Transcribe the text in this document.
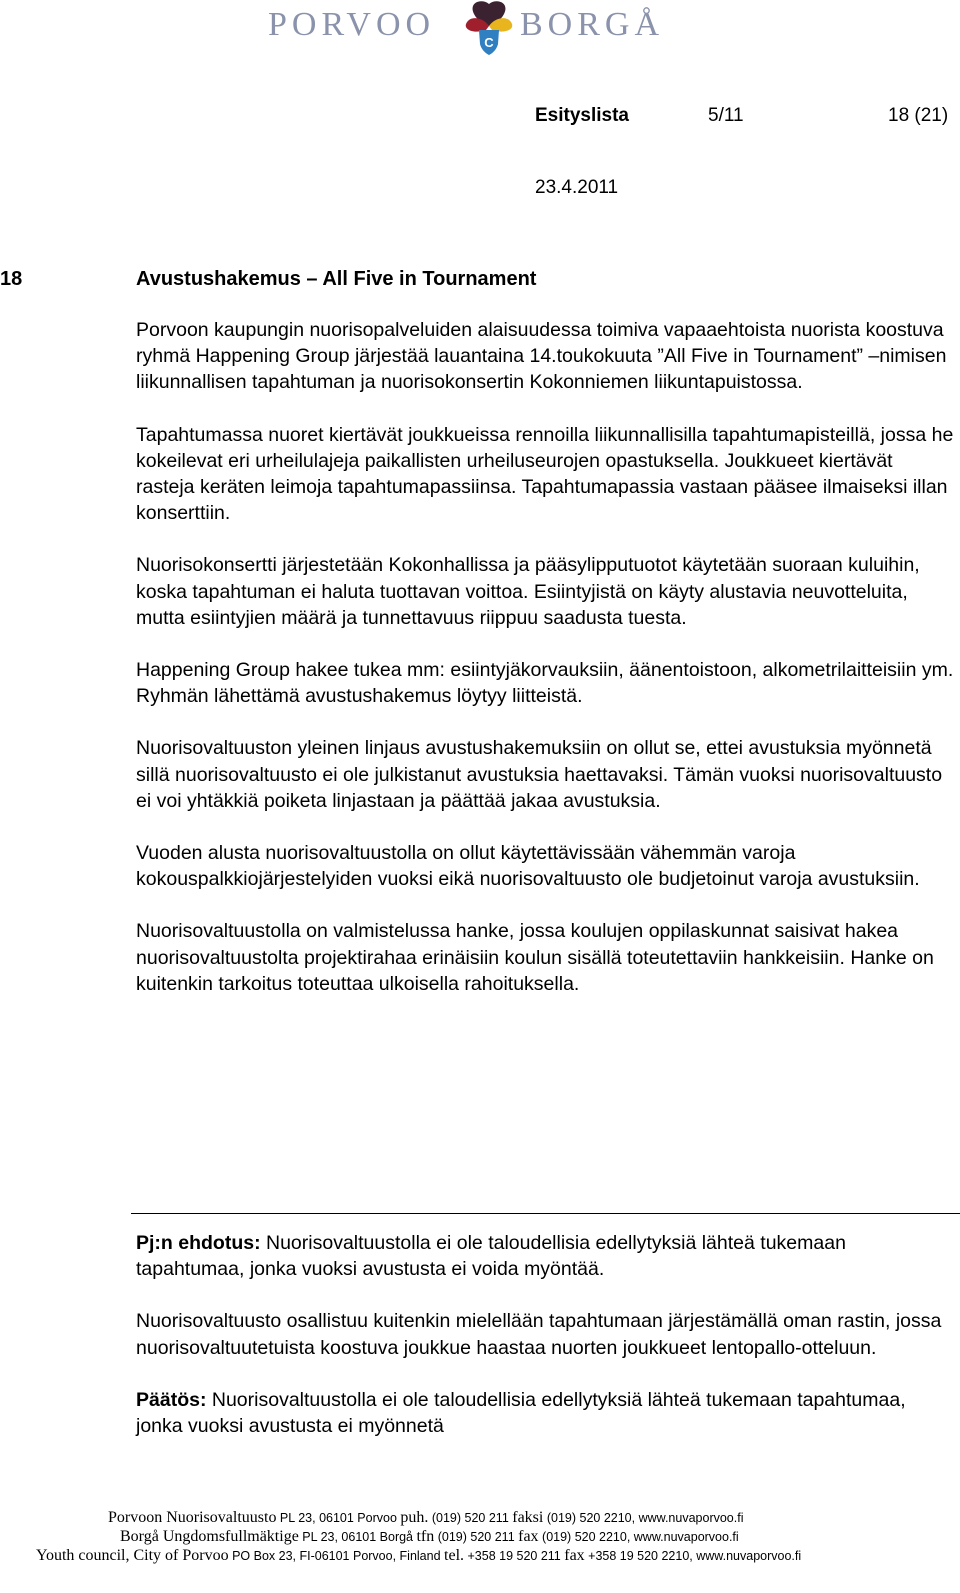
PORVOO	C BORGÅ
Esityslista	5/11	18 (21)
23.4.2011
18	Avustushakemus – All Five in Tournament

Porvoon kaupungin nuorisopalveluiden alaisuudessa toimiva vapaaehtoista nuorista koostuva ryhmä Happening Group järjestää lauantaina 14.toukokuuta ”All Five in Tournament” –nimisen liikunnallisen tapahtuman ja nuorisokonsertin Kokonniemen liikuntapuistossa.

Tapahtumassa nuoret kiertävät joukkueissa rennoilla liikunnallisilla tapahtumapisteillä, jossa he kokeilevat eri urheilulajeja paikallisten urheiluseurojen opastuksella. Joukkueet kiertävät rasteja keräten leimoja tapahtumapassiinsa. Tapahtumapassia vastaan pääsee ilmaiseksi illan konserttiin.

Nuorisokonsertti järjestetään Kokonhallissa ja pääsylipputuotot käytetään suoraan kuluihin, koska tapahtuman ei haluta tuottavan voittoa. Esiintyjistä on käyty alustavia neuvotteluita, mutta esiintyjien määrä ja tunnettavuus riippuu saadusta tuesta.

Happening Group hakee tukea mm: esiintyjäkorvauksiin, äänentoistoon, alkometrilaitteisiin ym. Ryhmän lähettämä avustushakemus löytyy liitteistä.

Nuorisovaltuuston yleinen linjaus avustushakemuksiin on ollut se, ettei avustuksia myönnetä sillä nuorisovaltuusto ei ole julkistanut avustuksia haettavaksi. Tämän vuoksi nuorisovaltuusto ei voi yhtäkkiä poiketa linjastaan ja päättää jakaa avustuksia.

Vuoden alusta nuorisovaltuustolla on ollut käytettävissään vähemmän varoja kokouspalkkiojärjestelyiden vuoksi eikä nuorisovaltuusto ole budjetoinut varoja avustuksiin.

Nuorisovaltuustolla on valmistelussa hanke, jossa koulujen oppilaskunnat saisivat hakea nuorisovaltuustolta projektirahaa erinäisiin koulun sisällä toteutettaviin hankkeisiin. Hanke on kuitenkin tarkoitus toteuttaa ulkoisella rahoituksella.

Pj:n ehdotus: Nuorisovaltuustolla ei ole taloudellisia edellytyksiä lähteä tukemaan tapahtumaa, jonka vuoksi avustusta ei voida myöntää.

Nuorisovaltuusto osallistuu kuitenkin mielellään tapahtumaan järjestämällä oman rastin, jossa nuorisovaltuutetuista koostuva joukkue haastaa nuorten joukkueet lentopallo-otteluun.

Päätös: Nuorisovaltuustolla ei ole taloudellisia edellytyksiä lähteä tukemaan tapahtumaa, jonka vuoksi avustusta ei myönnetä

Porvoon Nuorisovaltuusto PL 23, 06101 Porvoo puh. (019) 520 211 faksi (019) 520 2210, www.nuvaporvoo.fi
Borgå Ungdomsfullmäktige PL 23, 06101 Borgå tfn (019) 520 211 fax (019) 520 2210, www.nuvaporvoo.fi
Youth council, City of Porvoo PO Box 23, FI-06101 Porvoo, Finland tel. +358 19 520 211 fax +358 19 520 2210, www.nuvaporvoo.fi
